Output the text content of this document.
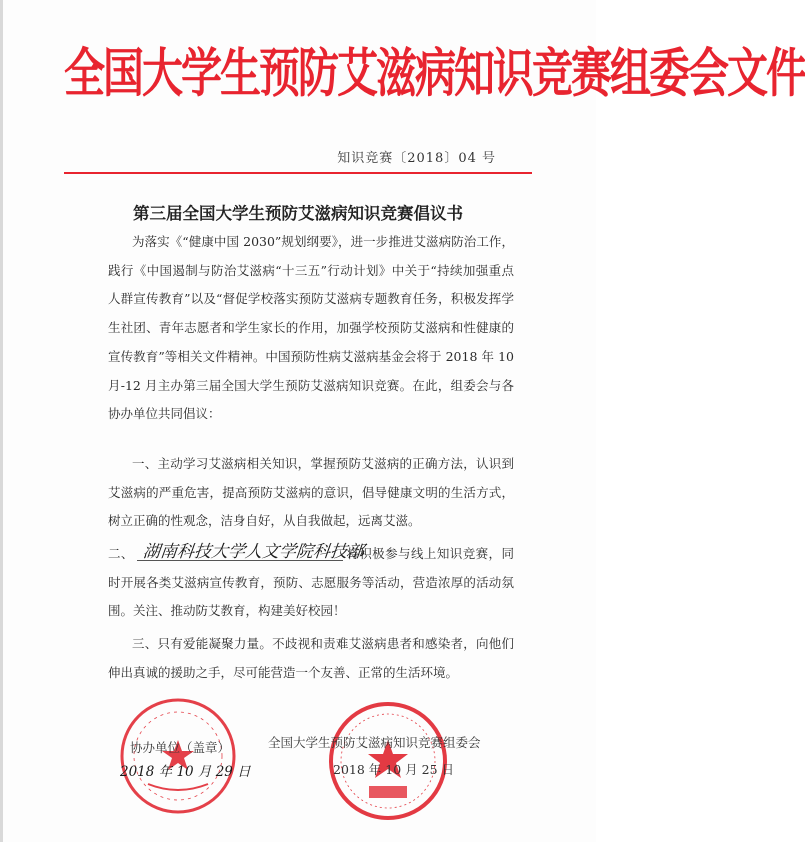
全国大学生预防艾滋病知识竞赛组委会文件
知识竞赛〔2018〕04 号
第三届全国大学生预防艾滋病知识竞赛倡议书

为落实《“健康中国 2030”规划纲要》，进一步推进艾滋病防治工作，践行《中国遏制与防治艾滋病“十三五”行动计划》中关于“持续加强重点人群宣传教育”以及“督促学校落实预防艾滋病专题教育任务，积极发挥学生社团、青年志愿者和学生家长的作用，加强学校预防艾滋病和性健康的宣传教育”等相关文件精神。中国预防性病艾滋病基金会将于 2018 年 10 月-12 月主办第三届全国大学生预防艾滋病知识竞赛。在此，组委会与各协办单位共同倡议：

一、主动学习艾滋病相关知识，掌握预防艾滋病的正确方法，认识到艾滋病的严重危害，提高预防艾滋病的意识，倡导健康文明的生活方式，树立正确的性观念，洁身自好，从自我做起，远离艾滋。

二、 湖南科技大学人文学院科技部
将积极参与线上知识竞赛，同时开展各类艾滋病宣传教育，预防、志愿服务等活动，营造浓厚的活动氛围。关注、推动防艾教育，构建美好校园！

三、只有爱能凝聚力量。不歧视和责难艾滋病患者和感染者，向他们伸出真诚的援助之手，尽可能营造一个友善、正常的生活环境。

协办单位（盖章）
2018 年 10 月 29 日
全国大学生预防艾滋病知识竞赛组委会
2018 年 10 月 25 日
